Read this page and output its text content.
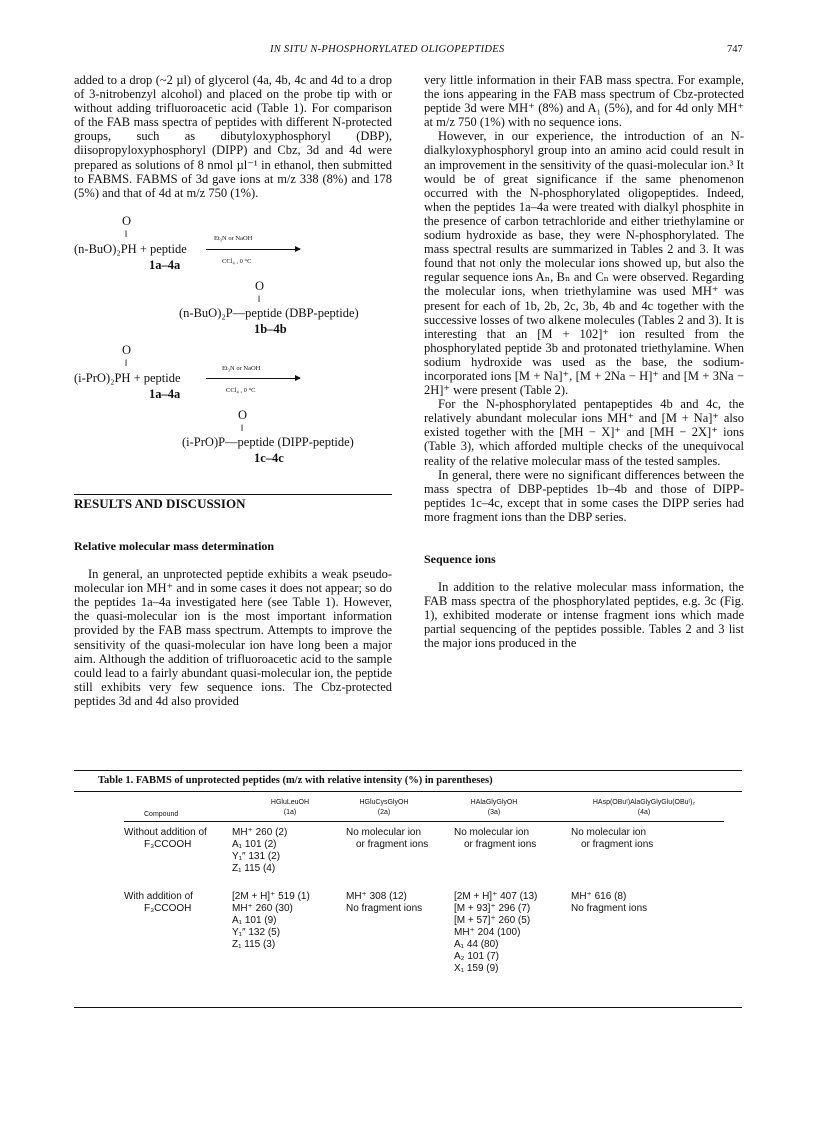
IN SITU N-PHOSPHORYLATED OLIGOPEPTIDES	747

added to a drop (~2 µl) of glycerol (4a, 4b, 4c and 4d to a drop of 3-nitrobenzyl alcohol) and placed on the probe tip with or without adding trifluoroacetic acid (Table 1). For comparison of the FAB mass spectra of peptides with different N-protected groups, such as dibutyloxyphosphoryl (DBP), diisopropyloxyphosphoryl (DIPP) and Cbz, 3d and 4d were prepared as solutions of 8 nmol µl⁻¹ in ethanol, then submitted to FABMS. FABMS of 3d gave ions at m/z 338 (8%) and 178 (5%) and that of 4d at m/z 750 (1%).

O
‖
(n-BuO)₂PH + peptide
Et₃N or NaOH
CCl₄ , 0 °C
1a–4a
O
‖
(n-BuO)₂P—peptide (DBP-peptide)
1b–4b
O
‖
(i-PrO)₂PH + peptide
Et₃N or NaOH
CCl₄ , 0 °C
1a–4a
O
‖
(i-PrO)P—peptide (DIPP-peptide)
1c–4c

RESULTS AND DISCUSSION

Relative molecular mass determination

In general, an unprotected peptide exhibits a weak pseudo-molecular ion MH⁺ and in some cases it does not appear; so do the peptides 1a–4a investigated here (see Table 1). However, the quasi-molecular ion is the most important information provided by the FAB mass spectrum. Attempts to improve the sensitivity of the quasi-molecular ion have long been a major aim. Although the addition of trifluoroacetic acid to the sample could lead to a fairly abundant quasi-molecular ion, the peptide still exhibits very few sequence ions. The Cbz-protected peptides 3d and 4d also provided

very little information in their FAB mass spectra. For example, the ions appearing in the FAB mass spectrum of Cbz-protected peptide 3d were MH⁺ (8%) and A₁ (5%), and for 4d only MH⁺ at m/z 750 (1%) with no sequence ions.

However, in our experience, the introduction of an N-dialkyloxyphosphoryl group into an amino acid could result in an improvement in the sensitivity of the quasi-molecular ion.³ It would be of great significance if the same phenomenon occurred with the N-phosphorylated oligopeptides. Indeed, when the peptides 1a–4a were treated with dialkyl phosphite in the presence of carbon tetrachloride and either triethylamine or sodium hydroxide as base, they were N-phosphorylated. The mass spectral results are summarized in Tables 2 and 3. It was found that not only the molecular ions showed up, but also the regular sequence ions Aₙ, Bₙ and Cₙ were observed. Regarding the molecular ions, when triethylamine was used MH⁺ was present for each of 1b, 2b, 2c, 3b, 4b and 4c together with the successive losses of two alkene molecules (Tables 2 and 3). It is interesting that an [M + 102]⁺ ion resulted from the phosphorylated peptide 3b and protonated triethylamine. When sodium hydroxide was used as the base, the sodium-incorporated ions [M + Na]⁺, [M + 2Na − H]⁺ and [M + 3Na − 2H]⁺ were present (Table 2).

For the N-phosphorylated pentapeptides 4b and 4c, the relatively abundant molecular ions MH⁺ and [M + Na]⁺ also existed together with the [MH − X]⁺ and [MH − 2X]⁺ ions (Table 3), which afforded multiple checks of the unequivocal reality of the relative molecular mass of the tested samples.

In general, there were no significant differences between the mass spectra of DBP-peptides 1b–4b and those of DIPP-peptides 1c–4c, except that in some cases the DIPP series had more fragment ions than the DBP series.

Sequence ions

In addition to the relative molecular mass information, the FAB mass spectra of the phosphorylated peptides, e.g. 3c (Fig. 1), exhibited moderate or intense fragment ions which made partial sequencing of the peptides possible. Tables 2 and 3 list the major ions produced in the

Table 1. FABMS of unprotected peptides (m/z with relative intensity (%) in parentheses)
HGluLeuOH
(1a)
HGluCysGlyOH
(2a)
HAlaGlyGlyOH
(3a)
HAsp(OBuᵗ)AlaGlyGlyGlu(OBuᵗ)₂
(4a)
Compound
Without addition of
F₃CCOOH
MH⁺ 260 (2)
A₁ 101 (2)
Y₁″ 131 (2)
Z₁ 115 (4)
No molecular ion
or fragment ions
No molecular ion
or fragment ions
No molecular ion
or fragment ions
With addition of
F₃CCOOH
[2M + H]⁺ 519 (1)
MH⁺ 260 (30)
A₁ 101 (9)
Y₁″ 132 (5)
Z₁ 115 (3)
MH⁺ 308 (12)
No fragment ions
[2M + H]⁺ 407 (13)
[M + 93]⁺ 296 (7)
[M + 57]⁺ 260 (5)
MH⁺ 204 (100)
A₁ 44 (80)
A₂ 101 (7)
X₁ 159 (9)
MH⁺ 616 (8)
No fragment ions
